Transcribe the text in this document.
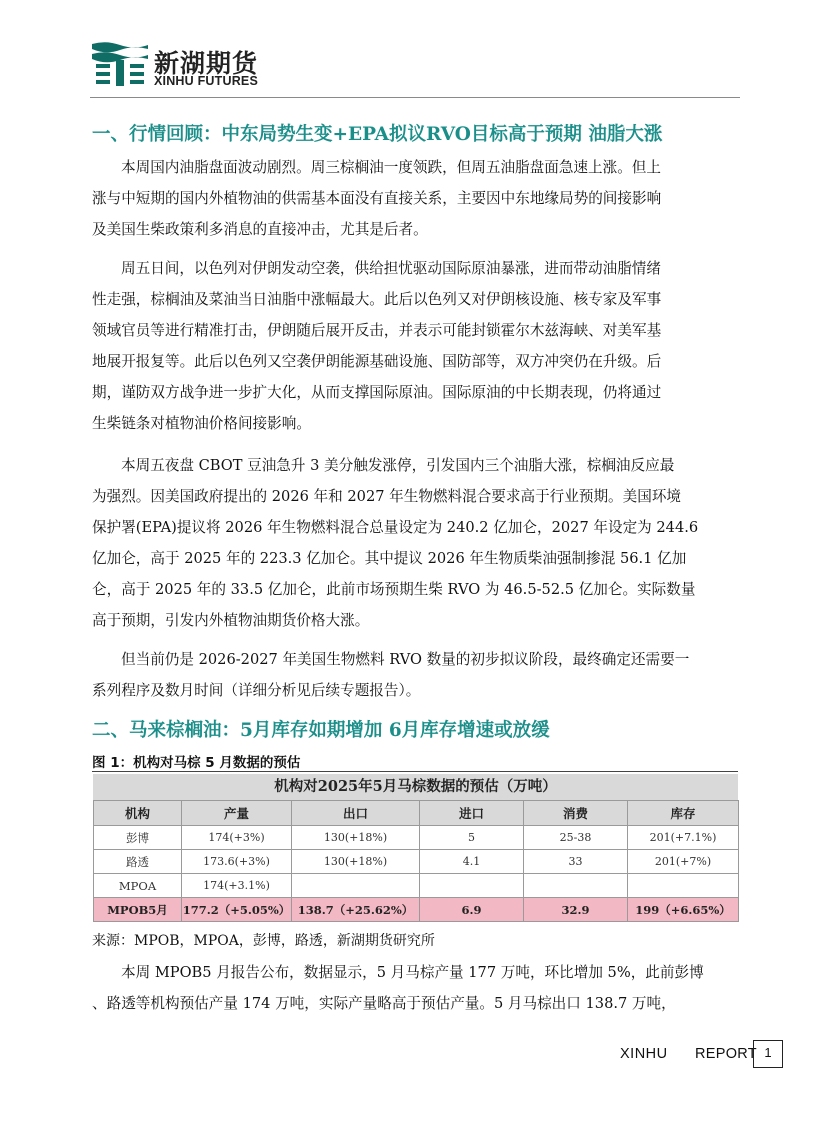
新湖期货
XINHU FUTURES
一、行情回顾：中东局势生变+EPA拟议RVO目标高于预期 油脂大涨
本周国内油脂盘面波动剧烈。周三棕榈油一度领跌，但周五油脂盘面急速上涨。但上
涨与中短期的国内外植物油的供需基本面没有直接关系，主要因中东地缘局势的间接影响
及美国生柴政策利多消息的直接冲击，尤其是后者。
周五日间，以色列对伊朗发动空袭，供给担忧驱动国际原油暴涨，进而带动油脂情绪
性走强，棕榈油及菜油当日油脂中涨幅最大。此后以色列又对伊朗核设施、核专家及军事
领域官员等进行精准打击，伊朗随后展开反击，并表示可能封锁霍尔木兹海峡、对美军基
地展开报复等。此后以色列又空袭伊朗能源基础设施、国防部等，双方冲突仍在升级。后
期，谨防双方战争进一步扩大化，从而支撑国际原油。国际原油的中长期表现，仍将通过
生柴链条对植物油价格间接影响。
本周五夜盘 CBOT 豆油急升 3 美分触发涨停，引发国内三个油脂大涨，棕榈油反应最
为强烈。因美国政府提出的 2026 年和 2027 年生物燃料混合要求高于行业预期。美国环境
保护署(EPA)提议将 2026 年生物燃料混合总量设定为 240.2 亿加仑，2027 年设定为 244.6
亿加仑，高于 2025 年的 223.3 亿加仑。其中提议 2026 年生物质柴油强制掺混 56.1 亿加
仑，高于 2025 年的 33.5 亿加仑，此前市场预期生柴 RVO 为 46.5-52.5 亿加仑。实际数量
高于预期，引发内外植物油期货价格大涨。
但当前仍是 2026-2027 年美国生物燃料 RVO 数量的初步拟议阶段，最终确定还需要一
系列程序及数月时间（详细分析见后续专题报告）。
二、马来棕榈油：5月库存如期增加 6月库存增速或放缓
图 1：机构对马棕 5 月数据的预估
机构对2025年5月马棕数据的预估（万吨）
机构	产量	出口	进口	消费	库存
彭博	174(+3%)	130(+18%)	5	25-38	201(+7.1%)
路透	173.6(+3%)	130(+18%)	4.1	33	201(+7%)
MPOA	174(+3.1%)				
MPOB5月	177.2（+5.05%）	138.7（+25.62%）	6.9	32.9	199（+6.65%）
来源：MPOB，MPOA，彭博，路透，新湖期货研究所
本周 MPOB5 月报告公布，数据显示，5 月马棕产量 177 万吨，环比增加 5%，此前彭博
、路透等机构预估产量 174 万吨，实际产量略高于预估产量。5 月马棕出口 138.7 万吨，
XINHU REPORT 1
